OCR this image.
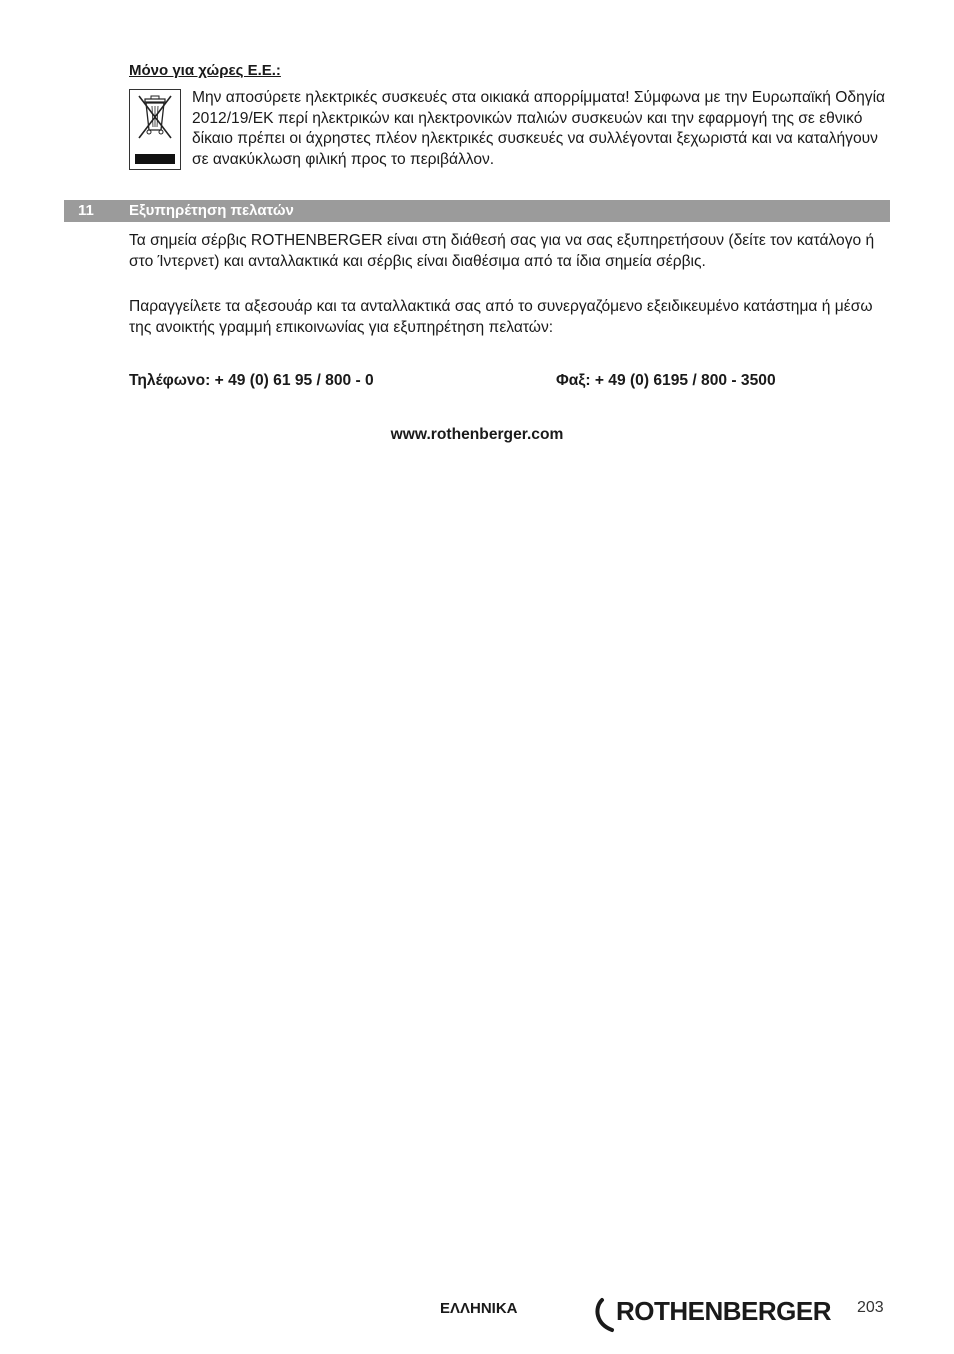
Μόνο για χώρες Ε.Ε.:

Μην αποσύρετε ηλεκτρικές συσκευές στα οικιακά απορρίμματα! Σύμφωνα με την Ευρωπαϊκή Οδηγία 2012/19/ΕΚ περί ηλεκτρικών και ηλεκτρονικών παλιών συσκευών και την εφαρμογή της σε εθνικό δίκαιο πρέπει οι άχρηστες πλέον ηλεκτρικές συσκευές να συλλέγονται ξεχωριστά και να καταλήγουν σε ανακύκλωση φιλική προς το περιβάλλον.

11 Εξυπηρέτηση πελατών

Τα σημεία σέρβις ROTHENBERGER είναι στη διάθεσή σας για να σας εξυπηρετήσουν (δείτε τον κατάλογο ή στο Ίντερνετ) και ανταλλακτικά και σέρβις είναι διαθέσιμα από τα ίδια σημεία σέρβις.

Παραγγείλετε τα αξεσουάρ και τα ανταλλακτικά σας από το συνεργαζόμενο εξειδικευμένο κατάστημα ή μέσω της ανοικτής γραμμή επικοινωνίας για εξυπηρέτηση πελατών:

Τηλέφωνο: + 49 (0) 61 95 / 800 - 0	Φαξ: + 49 (0) 6195 / 800 - 3500
www.rothenberger.com
ΕΛΛΗΝΙΚΑ	ROTHENBERGER 203
